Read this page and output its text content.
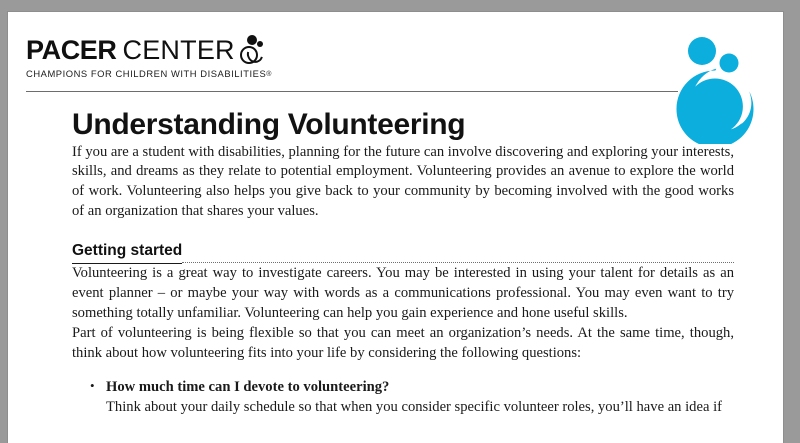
PACER CENTER
CHAMPIONS FOR CHILDREN WITH DISABILITIES®
Understanding Volunteering

If you are a student with disabilities, planning for the future can involve discovering and exploring your interests, skills, and dreams as they relate to potential employment. Volunteering provides an avenue to explore the world of work. Volunteering also helps you give back to your community by becoming involved with the good works of an organization that shares your values.

Getting started

Volunteering is a great way to investigate careers. You may be interested in using your talent for details as an event planner – or maybe your way with words as a communications professional. You may even want to try something totally unfamiliar. Volunteering can help you gain experience and hone useful skills.

Part of volunteering is being flexible so that you can meet an organization’s needs. At the same time, though, think about how volunteering fits into your life by considering the following questions:

• How much time can I devote to volunteering?
Think about your daily schedule so that when you consider specific volunteer roles, you’ll have an idea if
